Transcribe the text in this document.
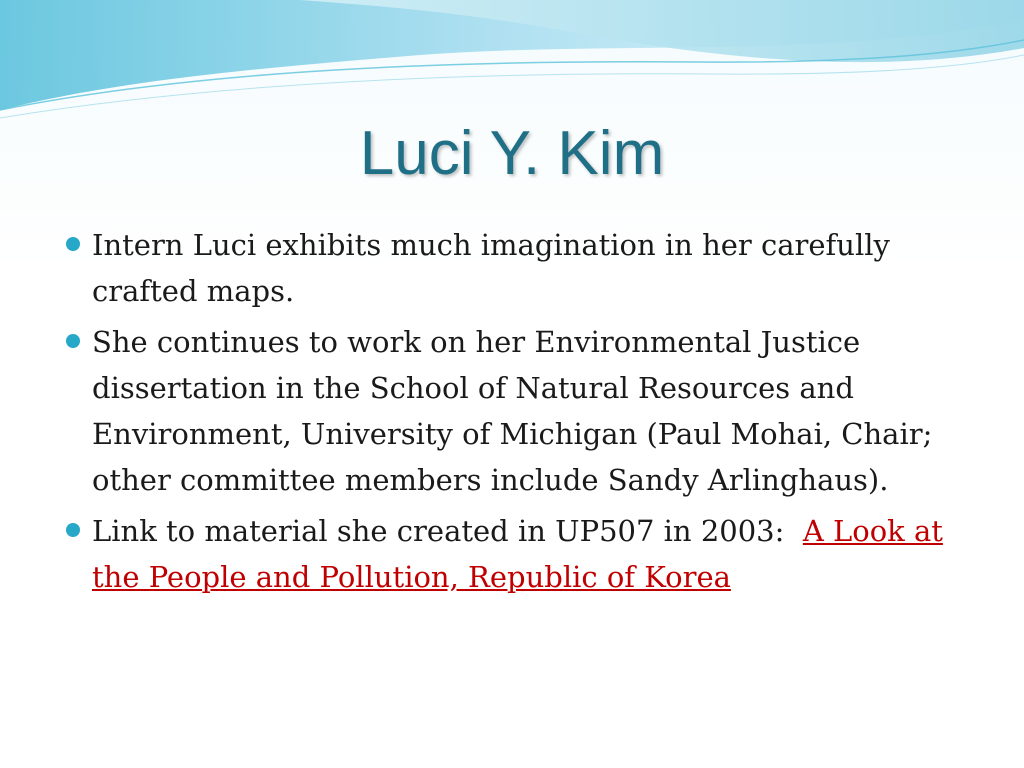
Luci Y. Kim
Intern Luci exhibits much imagination in her carefully crafted maps.
She continues to work on her Environmental Justice dissertation in the School of Natural Resources and Environment, University of Michigan (Paul Mohai, Chair; other committee members include Sandy Arlinghaus).
Link to material she created in UP507 in 2003:  A Look at the People and Pollution, Republic of Korea
